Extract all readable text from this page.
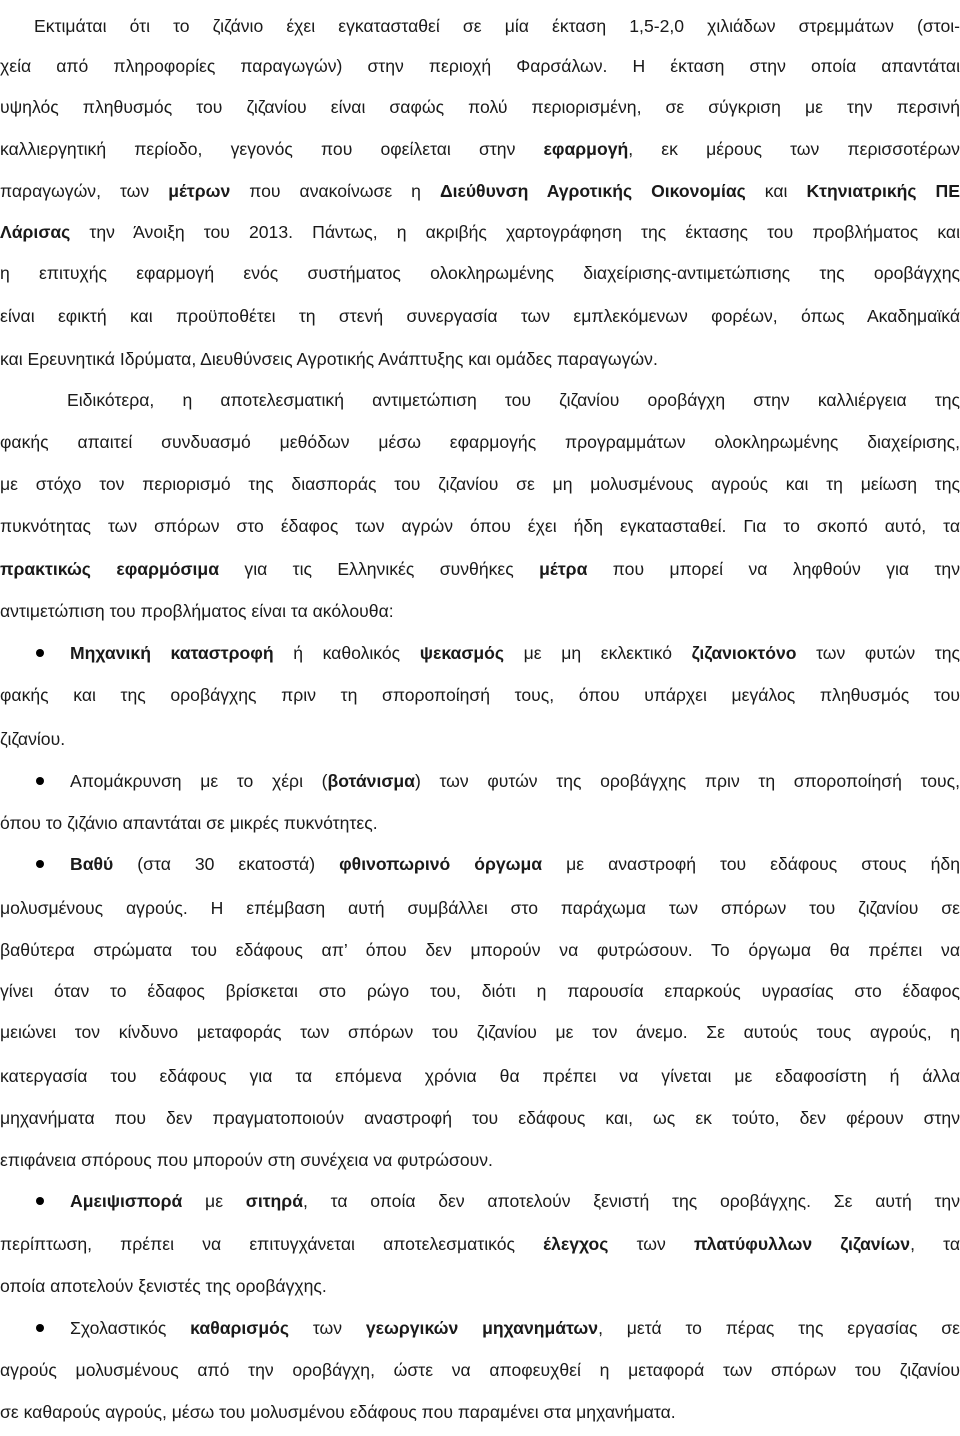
Εκτιμάται ότι το ζιζάνιο έχει εγκατασταθεί σε μία έκταση 1,5-2,0 χιλιάδων στρεμμάτων (στοι-
χεία από πληροφορίες παραγωγών) στην περιοχή Φαρσάλων. Η έκταση στην οποία απαντάται
υψηλός πληθυσμός του ζιζανίου είναι σαφώς πολύ περιορισμένη, σε σύγκριση με την περσινή
καλλιεργητική περίοδο, γεγονός που οφείλεται στην εφαρμογή, εκ μέρους των περισσοτέρων
παραγωγών, των μέτρων που ανακοίνωσε η Διεύθυνση Αγροτικής Οικονομίας και Κτηνιατρικής ΠΕ
Λάρισας την Άνοιξη του 2013. Πάντως, η ακριβής χαρτογράφηση της έκτασης του προβλήματος και
η επιτυχής εφαρμογή ενός συστήματος ολοκληρωμένης διαχείρισης-αντιμετώπισης της οροβάγχης
είναι εφικτή και προϋποθέτει τη στενή συνεργασία των εμπλεκόμενων φορέων, όπως Ακαδημαϊκά
και Ερευνητικά Ιδρύματα, Διευθύνσεις Αγροτικής Ανάπτυξης και ομάδες παραγωγών.
Ειδικότερα, η αποτελεσματική αντιμετώπιση του ζιζανίου οροβάγχη στην καλλιέργεια της
φακής απαιτεί συνδυασμό μεθόδων μέσω εφαρμογής προγραμμάτων ολοκληρωμένης διαχείρισης,
με στόχο τον περιορισμό της διασποράς του ζιζανίου σε μη μολυσμένους αγρούς και τη μείωση της
πυκνότητας των σπόρων στο έδαφος των αγρών όπου έχει ήδη εγκατασταθεί. Για το σκοπό αυτό, τα
πρακτικώς εφαρμόσιμα για τις Ελληνικές συνθήκες μέτρα που μπορεί να ληφθούν για την
αντιμετώπιση του προβλήματος είναι τα ακόλουθα:
Μηχανική καταστροφή ή καθολικός ψεκασμός με μη εκλεκτικό ζιζανιοκτόνο των φυτών της
φακής και της οροβάγχης πριν τη σποροποίησή τους, όπου υπάρχει μεγάλος πληθυσμός του
ζιζανίου.
Απομάκρυνση με το χέρι (βοτάνισμα) των φυτών της οροβάγχης πριν τη σποροποίησή τους,
όπου το ζιζάνιο απαντάται σε μικρές πυκνότητες.
Βαθύ (στα 30 εκατοστά) φθινοπωρινό όργωμα με αναστροφή του εδάφους στους ήδη
μολυσμένους αγρούς. Η επέμβαση αυτή συμβάλλει στο παράχωμα των σπόρων του ζιζανίου σε
βαθύτερα στρώματα του εδάφους απ’ όπου δεν μπορούν να φυτρώσουν. Το όργωμα θα πρέπει να
γίνει όταν το έδαφος βρίσκεται στο ρώγο του, διότι η παρουσία επαρκούς υγρασίας στο έδαφος
μειώνει τον κίνδυνο μεταφοράς των σπόρων του ζιζανίου με τον άνεμο. Σε αυτούς τους αγρούς, η
κατεργασία του εδάφους για τα επόμενα χρόνια θα πρέπει να γίνεται με εδαφοσίστη ή άλλα
μηχανήματα που δεν πραγματοποιούν αναστροφή του εδάφους και, ως εκ τούτο, δεν φέρουν στην
επιφάνεια σπόρους που μπορούν στη συνέχεια να φυτρώσουν.
Αμειψισπορά με σιτηρά, τα οποία δεν αποτελούν ξενιστή της οροβάγχης. Σε αυτή την
περίπτωση, πρέπει να επιτυγχάνεται αποτελεσματικός έλεγχος των πλατύφυλλων ζιζανίων, τα
οποία αποτελούν ξενιστές της οροβάγχης.
Σχολαστικός καθαρισμός των γεωργικών μηχανημάτων, μετά το πέρας της εργασίας σε
αγρούς μολυσμένους από την οροβάγχη, ώστε να αποφευχθεί η μεταφορά των σπόρων του ζιζανίου
σε καθαρούς αγρούς, μέσω του μολυσμένου εδάφους που παραμένει στα μηχανήματα.
